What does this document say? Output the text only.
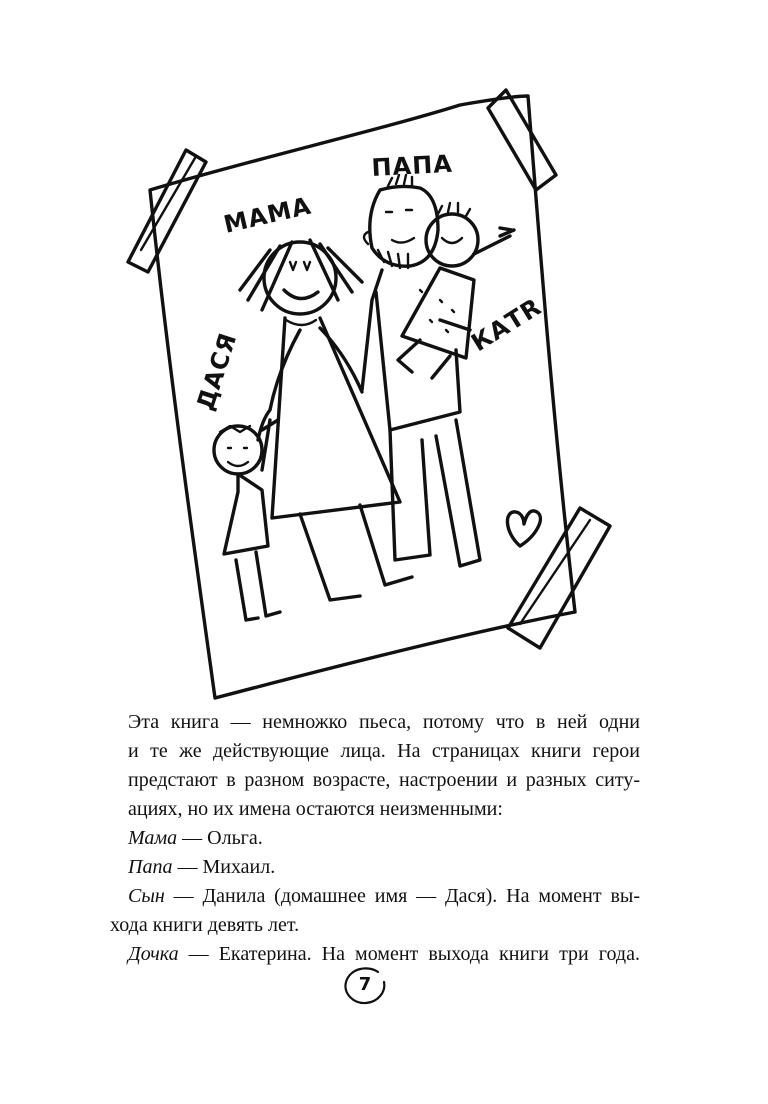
МАМА
ПАПА
ДАСЯ
КАТR

Эта книга — немножко пьеса, потому что в ней одни

и те же действующие лица. На страницах книги герои

предстают в разном возрасте, настроении и разных ситу-

ациях, но их имена остаются неизменными:

Мама — Ольга.

Папа — Михаил.

Сын — Данила (домашнее имя — Дася). На момент вы-

хода книги девять лет.

Дочка — Екатерина. На момент выхода книги три года.

7
